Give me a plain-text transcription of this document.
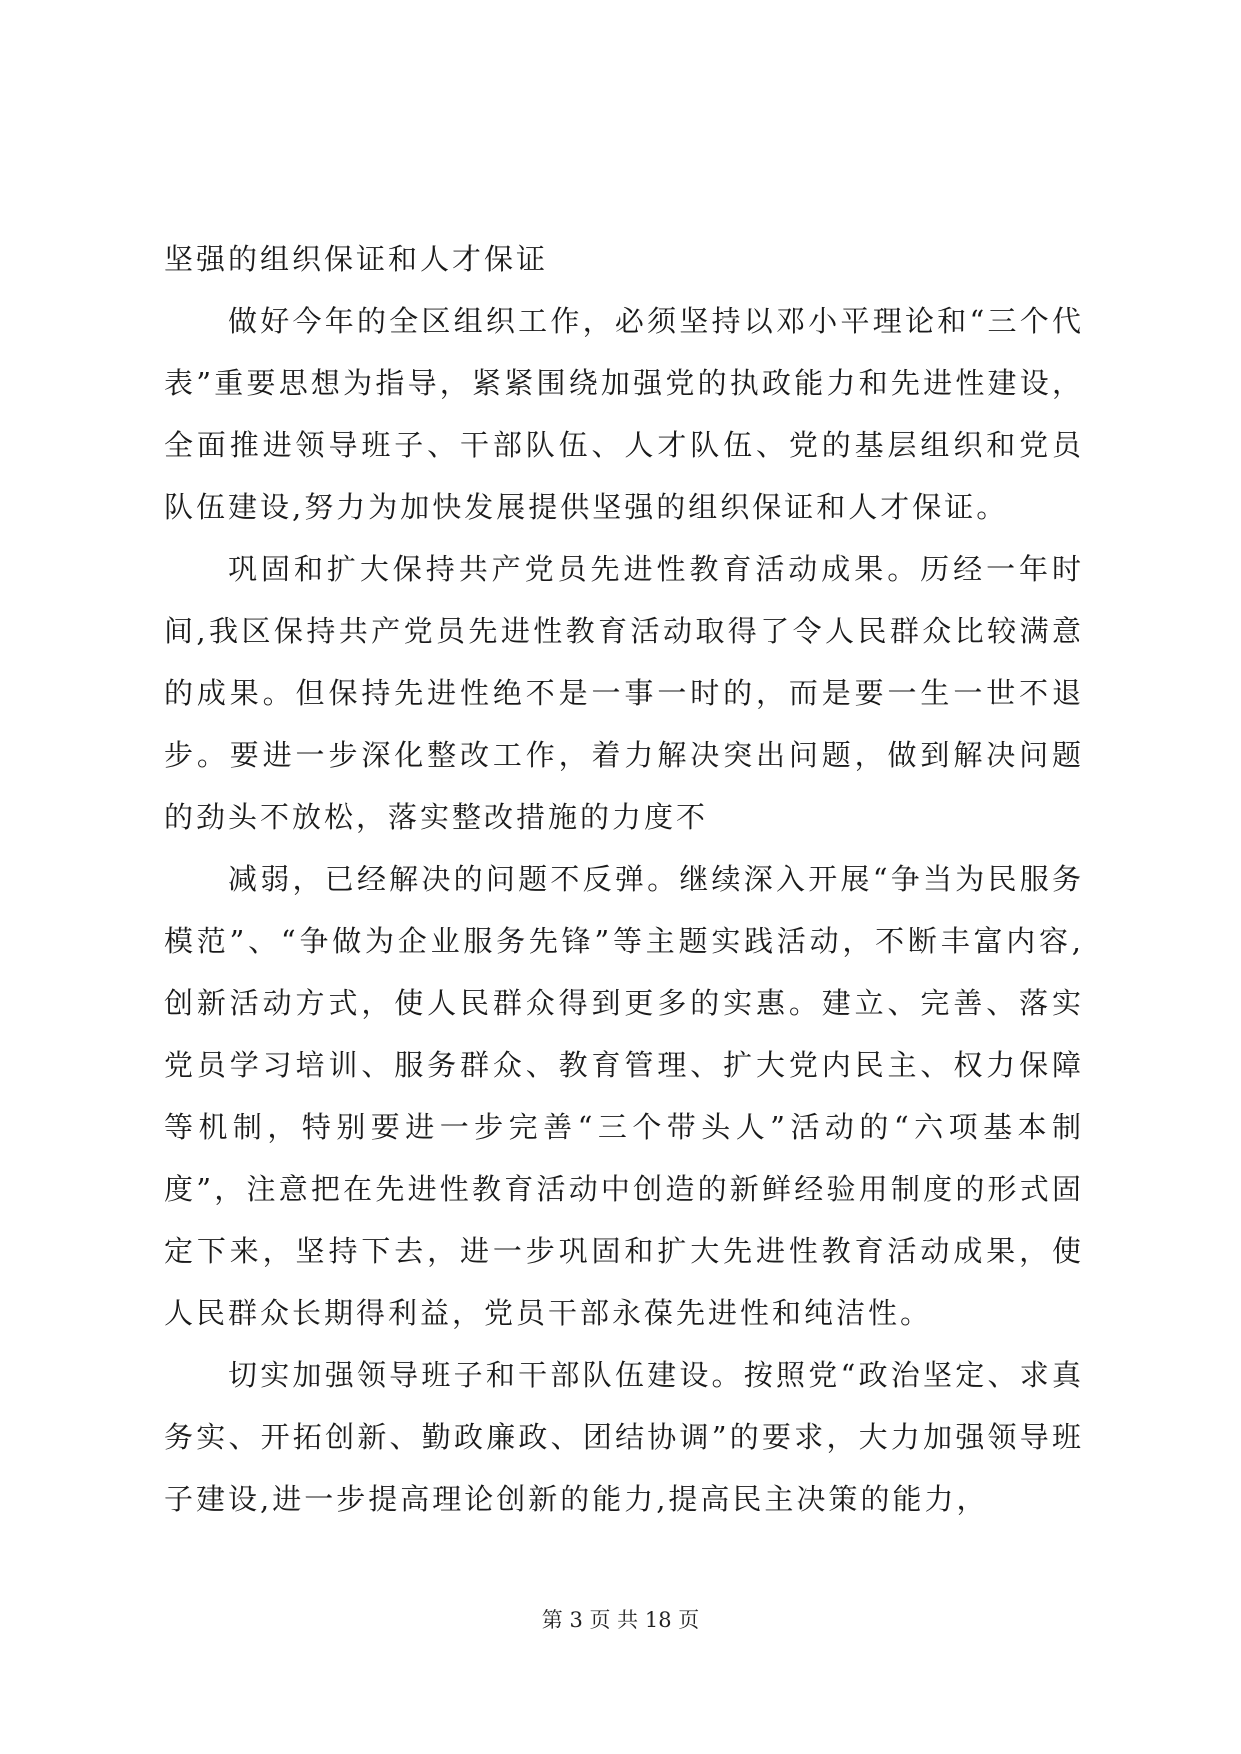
坚强的组织保证和人才保证

做好今年的全区组织工作，必须坚持以邓小平理论和“三个代表”重要思想为指导，紧紧围绕加强党的执政能力和先进性建设，全面推进领导班子、干部队伍、人才队伍、党的基层组织和党员队伍建设,努力为加快发展提供坚强的组织保证和人才保证。

巩固和扩大保持共产党员先进性教育活动成果。历经一年时间,我区保持共产党员先进性教育活动取得了令人民群众比较满意的成果。但保持先进性绝不是一事一时的，而是要一生一世不退步。要进一步深化整改工作，着力解决突出问题，做到解决问题的劲头不放松，落实整改措施的力度不

减弱，已经解决的问题不反弹。继续深入开展“争当为民服务模范”、“争做为企业服务先锋”等主题实践活动，不断丰富内容,创新活动方式，使人民群众得到更多的实惠。建立、完善、落实党员学习培训、服务群众、教育管理、扩大党内民主、权力保障等机制，特别要进一步完善“三个带头人”活动的“六项基本制度”，注意把在先进性教育活动中创造的新鲜经验用制度的形式固定下来，坚持下去，进一步巩固和扩大先进性教育活动成果，使人民群众长期得利益，党员干部永葆先进性和纯洁性。

切实加强领导班子和干部队伍建设。按照党“政治坚定、求真务实、开拓创新、勤政廉政、团结协调”的要求，大力加强领导班子建设,进一步提高理论创新的能力,提高民主决策的能力，

第 3 页 共 18 页
